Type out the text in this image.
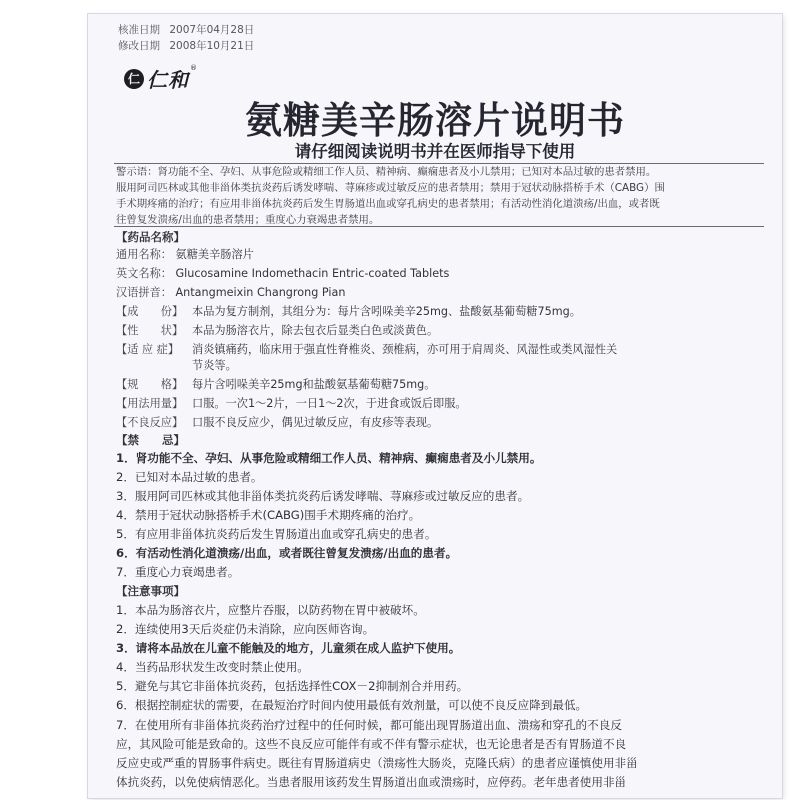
核准日期 2007年04月28日
修改日期 2008年10月21日
仁 仁和 ®
氨糖美辛肠溶片说明书
请仔细阅读说明书并在医师指导下使用
警示语：肾功能不全、孕妇、从事危险或精细工作人员、精神病、癫痫患者及小儿禁用；已知对本品过敏的患者禁用。
服用阿司匹林或其他非甾体类抗炎药后诱发哮喘、荨麻疹或过敏反应的患者禁用；禁用于冠状动脉搭桥手术（CABG）围
手术期疼痛的治疗；有应用非甾体抗炎药后发生胃肠道出血或穿孔病史的患者禁用；有活动性消化道溃疡/出血，或者既
往曾复发溃疡/出血的患者禁用；重度心力衰竭患者禁用。
【药品名称】
通用名称： 氨糖美辛肠溶片
英文名称： Glucosamine Indomethacin Entric-coated Tablets
汉语拼音： Antangmeixin Changrong Pian
【成　　份】 本品为复方制剂，其组分为：每片含吲哚美辛25mg、盐酸氨基葡萄糖75mg。
【性　　状】 本品为肠溶衣片，除去包衣后显类白色或淡黄色。
【适 应 症】 消炎镇痛药，临床用于强直性脊椎炎、颈椎病，亦可用于肩周炎、风湿性或类风湿性关
节炎等。
【规　　格】 每片含吲哚美辛25mg和盐酸氨基葡萄糖75mg。
【用法用量】 口服。一次1～2片，一日1～2次，于进食或饭后即服。
【不良反应】 口服不良反应少，偶见过敏反应，有皮疹等表现。
【禁　　忌】
1．肾功能不全、孕妇、从事危险或精细工作人员、精神病、癫痫患者及小儿禁用。
2．已知对本品过敏的患者。
3．服用阿司匹林或其他非甾体类抗炎药后诱发哮喘、荨麻疹或过敏反应的患者。
4．禁用于冠状动脉搭桥手术(CABG)围手术期疼痛的治疗。
5．有应用非甾体抗炎药后发生胃肠道出血或穿孔病史的患者。
6．有活动性消化道溃疡/出血，或者既往曾复发溃疡/出血的患者。
7．重度心力衰竭患者。
【注意事项】
1．本品为肠溶衣片，应整片吞服，以防药物在胃中被破坏。
2．连续使用3天后炎症仍未消除，应向医师咨询。
3．请将本品放在儿童不能触及的地方，儿童须在成人监护下使用。
4．当药品形状发生改变时禁止使用。
5．避免与其它非甾体抗炎药，包括选择性COX－2抑制剂合并用药。
6．根据控制症状的需要，在最短治疗时间内使用最低有效剂量，可以使不良反应降到最低。
7．在使用所有非甾体抗炎药治疗过程中的任何时候，都可能出现胃肠道出血、溃疡和穿孔的不良反
应，其风险可能是致命的。这些不良反应可能伴有或不伴有警示症状，也无论患者是否有胃肠道不良
反应史或严重的胃肠事件病史。既往有胃肠道病史（溃疡性大肠炎，克隆氏病）的患者应谨慎使用非甾
体抗炎药，以免使病情恶化。当患者服用该药发生胃肠道出血或溃疡时，应停药。老年患者使用非甾
